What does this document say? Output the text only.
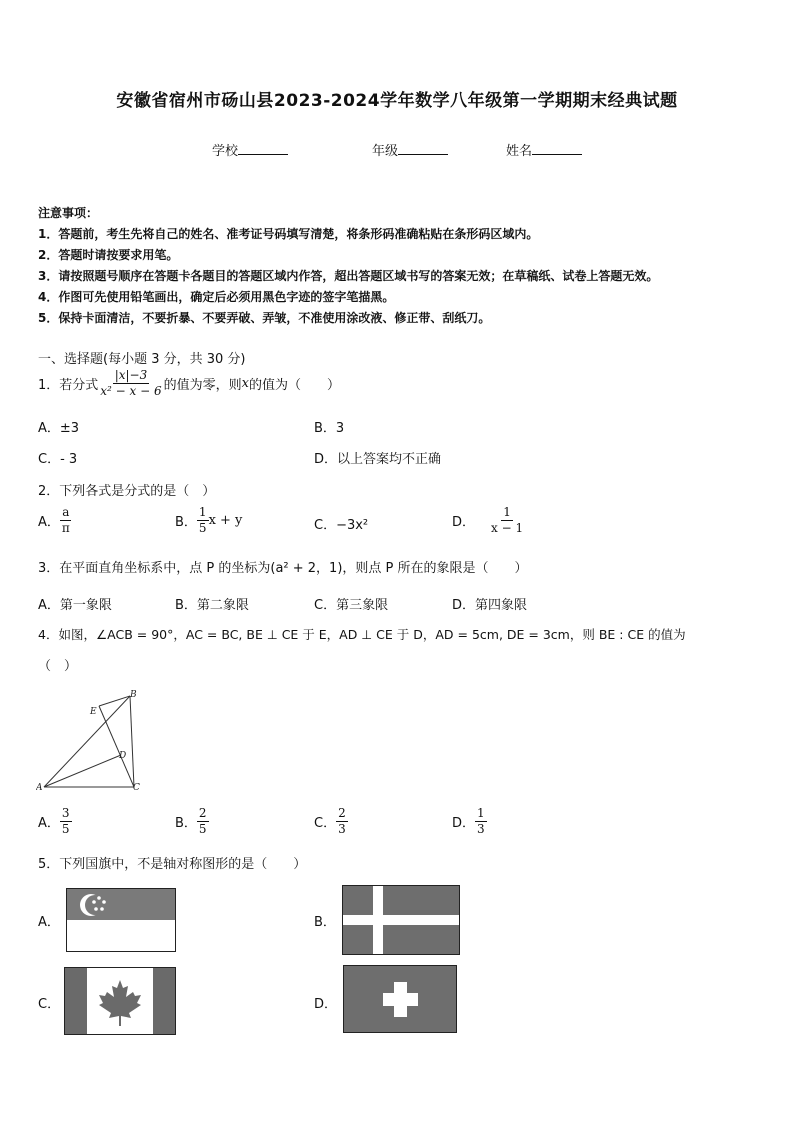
安徽省宿州市砀山县2023-2024学年数学八年级第一学期期末经典试题
学校	年级	姓名
注意事项：
1．答题前，考生先将自己的姓名、准考证号码填写清楚，将条形码准确粘贴在条形码区域内。
2．答题时请按要求用笔。
3．请按照题号顺序在答题卡各题目的答题区域内作答，超出答题区域书写的答案无效；在草稿纸、试卷上答题无效。
4．作图可先使用铅笔画出，确定后必须用黑色字迹的签字笔描黑。
5．保持卡面清洁，不要折暴、不要弄破、弄皱，不准使用涂改液、修正带、刮纸刀。
一、选择题(每小题 3 分，共 30 分)
1．若分式 $\frac{|x|-3}{\text{x² − x − 6}}$ 的值为零，则 x 的值为（　　）
A．±3	B．3
C．- 3	D．以上答案均不正确
2．下列各式是分式的是（　）
A． $\frac{a}{\pi}$	B． $\frac{1}{5}$ x + y	C．−3x²	D． $\frac{1}{x - 1}$
3．在平面直角坐标系中，点 P 的坐标为(a² + 2，1)，则点 P 所在的象限是（　　）
A．第一象限	B．第二象限	C．第三象限	D．第四象限
4．如图，∠ACB = 90°，AC = BC, BE ⊥ CE 于 E，AD ⊥ CE 于 D，AD = 5cm, DE = 3cm，则 BE : CE 的值为
（　）
A
B
C
D
E
A． $\frac{3}{5}$	B． $\frac{2}{5}$	C． $\frac{2}{3}$	D． $\frac{1}{3}$
5．下列国旗中，不是轴对称图形的是（　　）
A．	B．
C．	D．
